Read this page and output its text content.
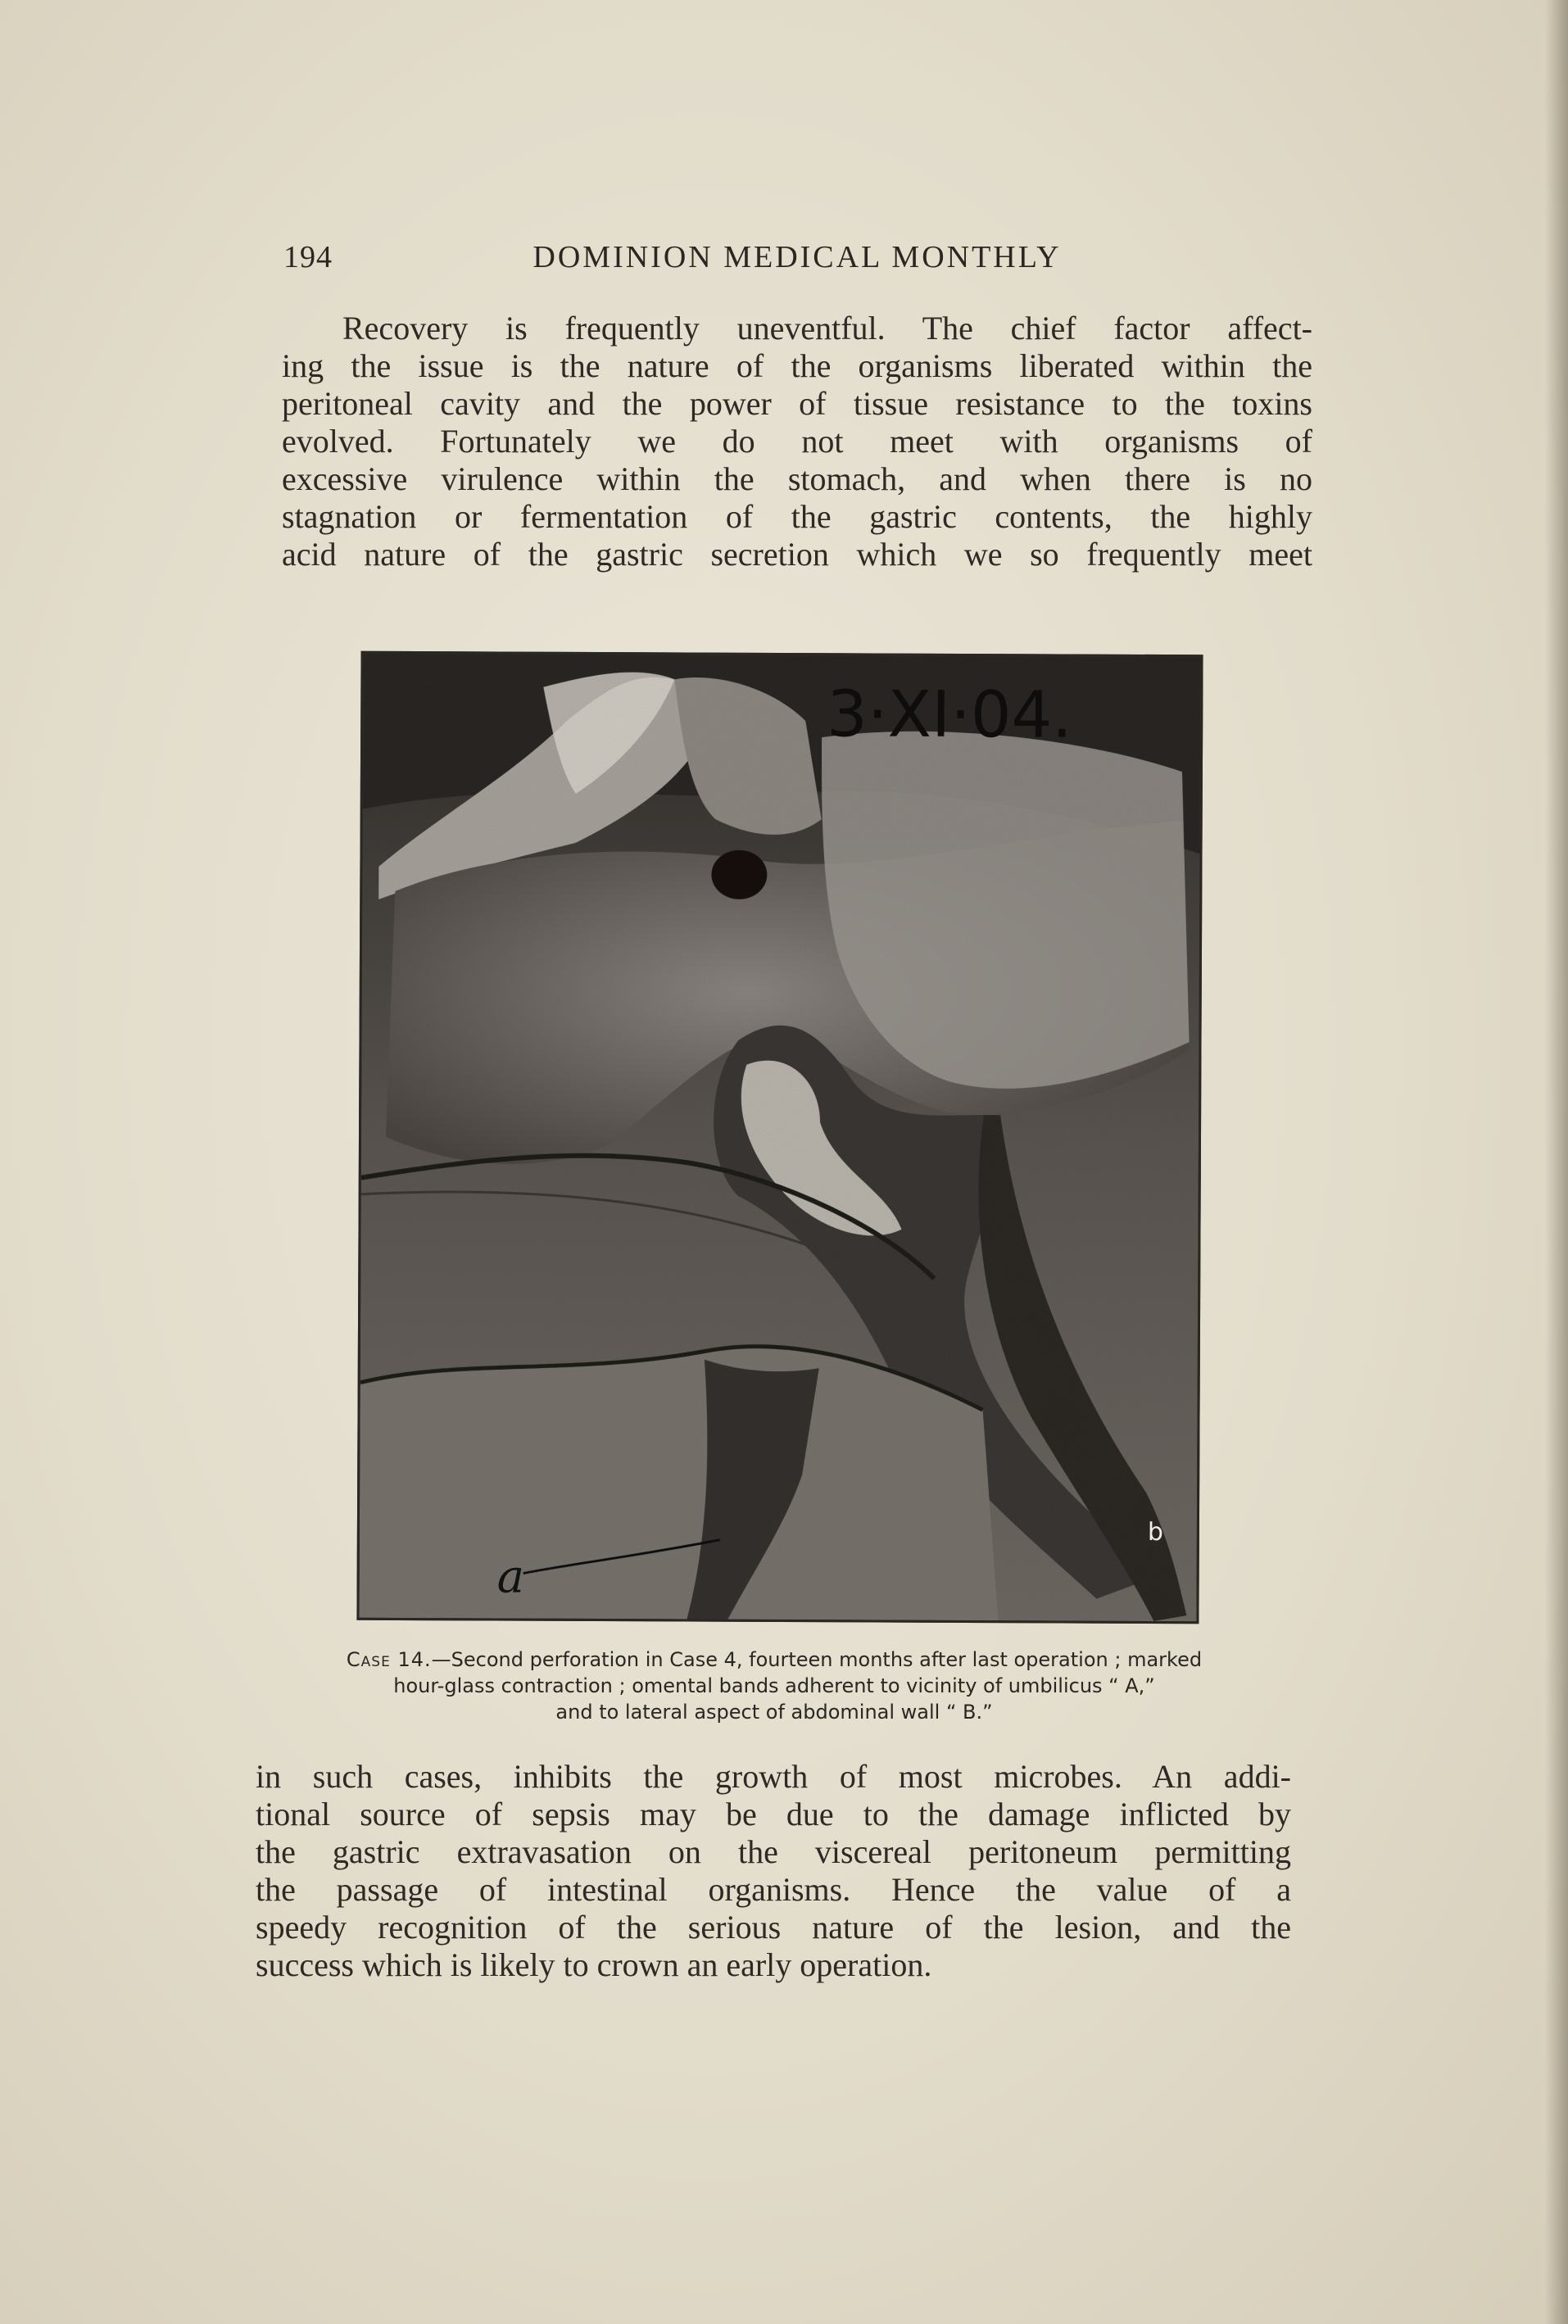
194	DOMINION MEDICAL MONTHLY
Recovery is frequently uneventful. The chief factor affect-
ing the issue is the nature of the organisms liberated within the
peritoneal cavity and the power of tissue resistance to the toxins
evolved. Fortunately we do not meet with organisms of
excessive virulence within the stomach, and when there is no
stagnation or fermentation of the gastric contents, the highly
acid nature of the gastric secretion which we so frequently meet
3·XI·04.
a
b
Case 14.—Second perforation in Case 4, fourteen months after last operation ; marked
hour-glass contraction ; omental bands adherent to vicinity of umbilicus “ A,”
and to lateral aspect of abdominal wall “ B.”
in such cases, inhibits the growth of most microbes. An addi-
tional source of sepsis may be due to the damage inflicted by
the gastric extravasation on the viscereal peritoneum permitting
the passage of intestinal organisms. Hence the value of a
speedy recognition of the serious nature of the lesion, and the
success which is likely to crown an early operation.
